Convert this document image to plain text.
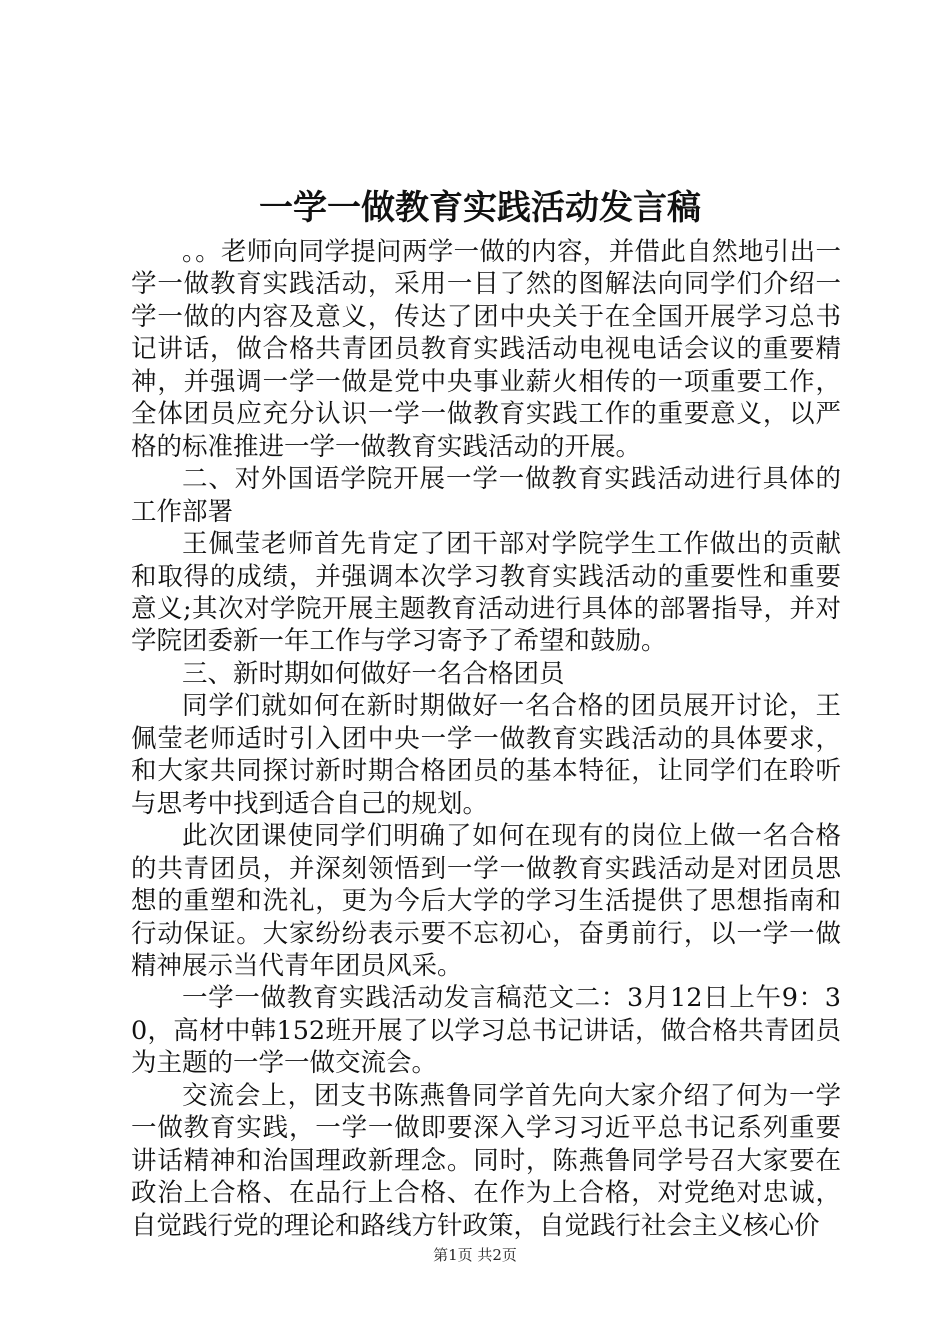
一学一做教育实践活动发言稿

。。老师向同学提问两学一做的内容，并借此自然地引出一学一做教育实践活动，采用一目了然的图解法向同学们介绍一学一做的内容及意义，传达了团中央关于在全国开展学习总书记讲话，做合格共青团员教育实践活动电视电话会议的重要精神，并强调一学一做是党中央事业薪火相传的一项重要工作，全体团员应充分认识一学一做教育实践工作的重要意义，以严格的标准推进一学一做教育实践活动的开展。

二、对外国语学院开展一学一做教育实践活动进行具体的工作部署

王佩莹老师首先肯定了团干部对学院学生工作做出的贡献和取得的成绩，并强调本次学习教育实践活动的重要性和重要意义;其次对学院开展主题教育活动进行具体的部署指导，并对学院团委新一年工作与学习寄予了希望和鼓励。

三、新时期如何做好一名合格团员

同学们就如何在新时期做好一名合格的团员展开讨论，王佩莹老师适时引入团中央一学一做教育实践活动的具体要求，和大家共同探讨新时期合格团员的基本特征，让同学们在聆听与思考中找到适合自己的规划。

此次团课使同学们明确了如何在现有的岗位上做一名合格的共青团员，并深刻领悟到一学一做教育实践活动是对团员思想的重塑和洗礼，更为今后大学的学习生活提供了思想指南和行动保证。大家纷纷表示要不忘初心，奋勇前行，以一学一做精神展示当代青年团员风采。

一学一做教育实践活动发言稿范文二：3月12日上午9：30，高材中韩152班开展了以学习总书记讲话，做合格共青团员为主题的一学一做交流会。

交流会上，团支书陈燕鲁同学首先向大家介绍了何为一学一做教育实践，一学一做即要深入学习习近平总书记系列重要讲话精神和治国理政新理念。同时，陈燕鲁同学号召大家要在政治上合格、在品行上合格、在作为上合格，对党绝对忠诚，自觉践行党的理论和路线方针政策，自觉践行社会主义核心价

第1页 共2页
